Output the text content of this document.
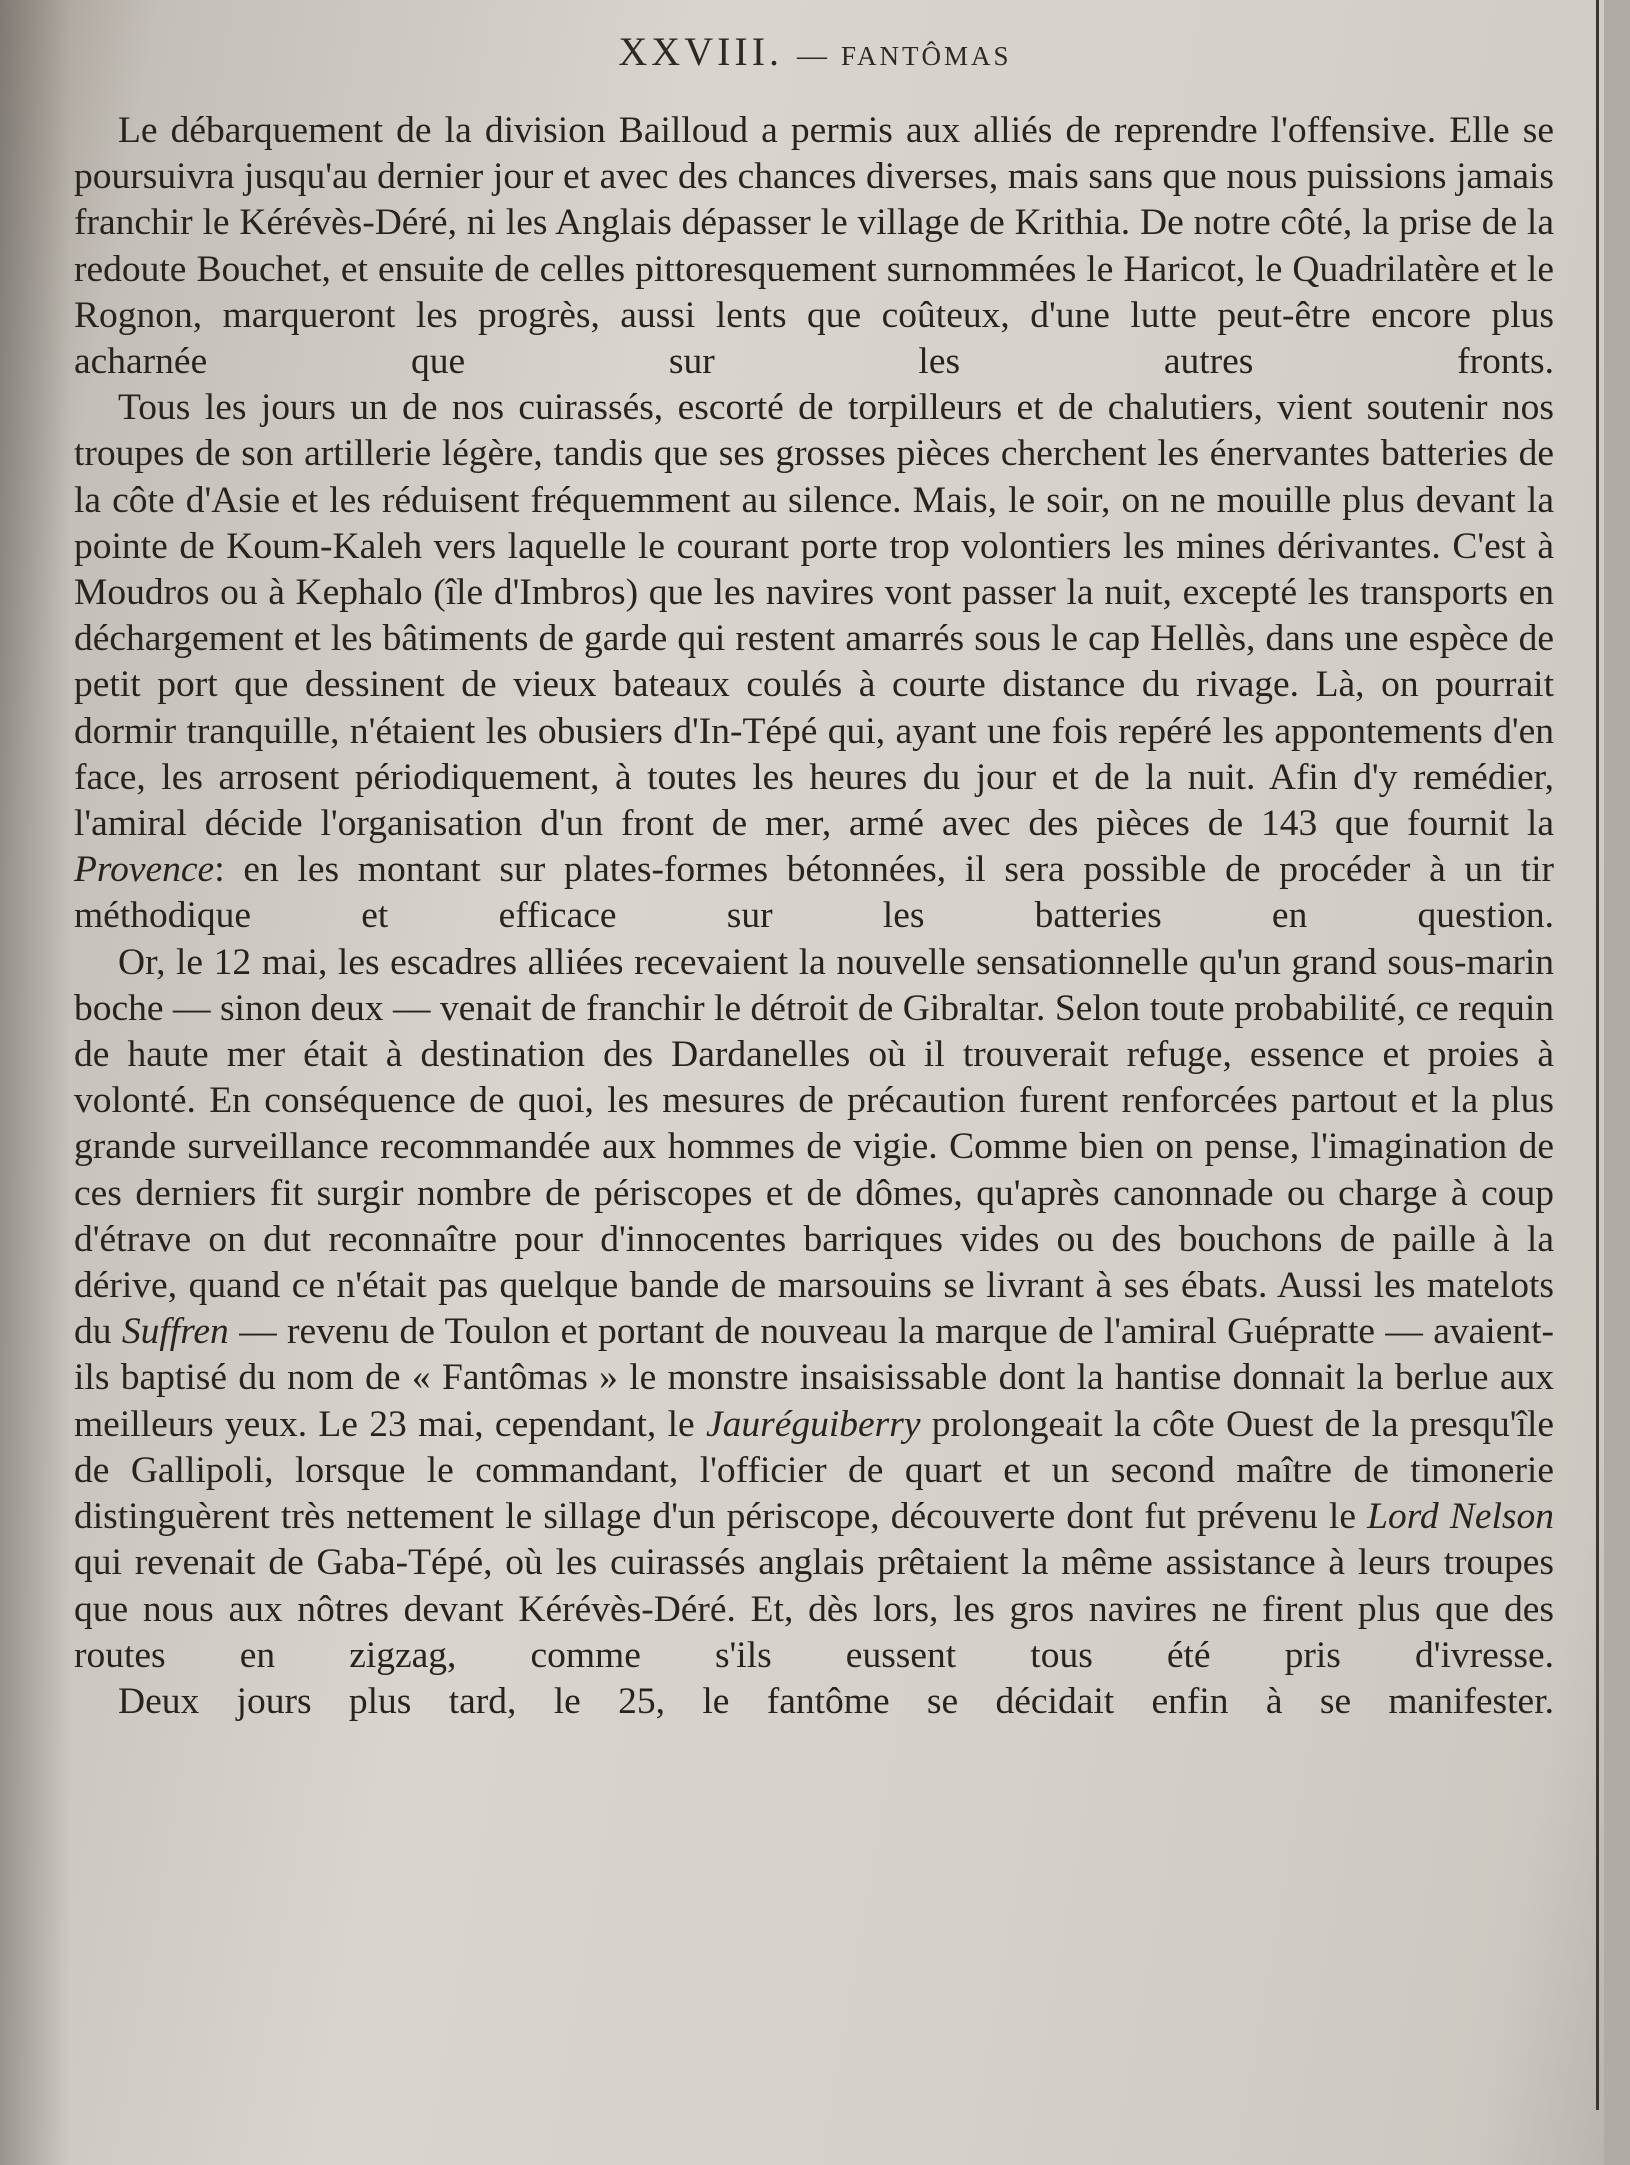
XXVIII. — FANTÔMAS

Le débarquement de la division Bailloud a permis aux alliés de reprendre l'offensive. Elle se poursuivra jusqu'au dernier jour et avec des chances diverses, mais sans que nous puissions jamais franchir le Kérévès-Déré, ni les Anglais dépasser le village de Krithia. De notre côté, la prise de la redoute Bouchet, et ensuite de celles pittoresquement surnommées le Haricot, le Quadrilatère et le Rognon, marqueront les progrès, aussi lents que coûteux, d'une lutte peut-être encore plus acharnée que sur les autres fronts.

Tous les jours un de nos cuirassés, escorté de torpilleurs et de chalutiers, vient soutenir nos troupes de son artillerie légère, tandis que ses grosses pièces cherchent les énervantes batteries de la côte d'Asie et les réduisent fréquemment au silence. Mais, le soir, on ne mouille plus devant la pointe de Koum-Kaleh vers laquelle le courant porte trop volontiers les mines dérivantes. C'est à Moudros ou à Kephalo (île d'Imbros) que les navires vont passer la nuit, excepté les transports en déchargement et les bâtiments de garde qui restent amarrés sous le cap Hellès, dans une espèce de petit port que dessinent de vieux bateaux coulés à courte distance du rivage. Là, on pourrait dormir tranquille, n'étaient les obusiers d'In-Tépé qui, ayant une fois repéré les appontements d'en face, les arrosent périodiquement, à toutes les heures du jour et de la nuit. Afin d'y remédier, l'amiral décide l'organisation d'un front de mer, armé avec des pièces de 143 que fournit la Provence: en les montant sur plates-formes bétonnées, il sera possible de procéder à un tir méthodique et efficace sur les batteries en question.

Or, le 12 mai, les escadres alliées recevaient la nouvelle sensationnelle qu'un grand sous-marin boche — sinon deux — venait de franchir le détroit de Gibraltar. Selon toute probabilité, ce requin de haute mer était à destination des Dardanelles où il trouverait refuge, essence et proies à volonté. En conséquence de quoi, les mesures de précaution furent renforcées partout et la plus grande surveillance recommandée aux hommes de vigie. Comme bien on pense, l'imagination de ces derniers fit surgir nombre de périscopes et de dômes, qu'après canonnade ou charge à coup d'étrave on dut reconnaître pour d'innocentes barriques vides ou des bouchons de paille à la dérive, quand ce n'était pas quelque bande de marsouins se livrant à ses ébats. Aussi les matelots du Suffren — revenu de Toulon et portant de nouveau la marque de l'amiral Guépratte — avaient-ils baptisé du nom de « Fantômas » le monstre insaisissable dont la hantise donnait la berlue aux meilleurs yeux. Le 23 mai, cependant, le Jauréguiberry prolongeait la côte Ouest de la presqu'île de Gallipoli, lorsque le commandant, l'officier de quart et un second maître de timonerie distinguèrent très nettement le sillage d'un périscope, découverte dont fut prévenu le Lord Nelson qui revenait de Gaba-Tépé, où les cuirassés anglais prêtaient la même assistance à leurs troupes que nous aux nôtres devant Kérévès-Déré. Et, dès lors, les gros navires ne firent plus que des routes en zigzag, comme s'ils eussent tous été pris d'ivresse.

Deux jours plus tard, le 25, le fantôme se décidait enfin à se manifester.
